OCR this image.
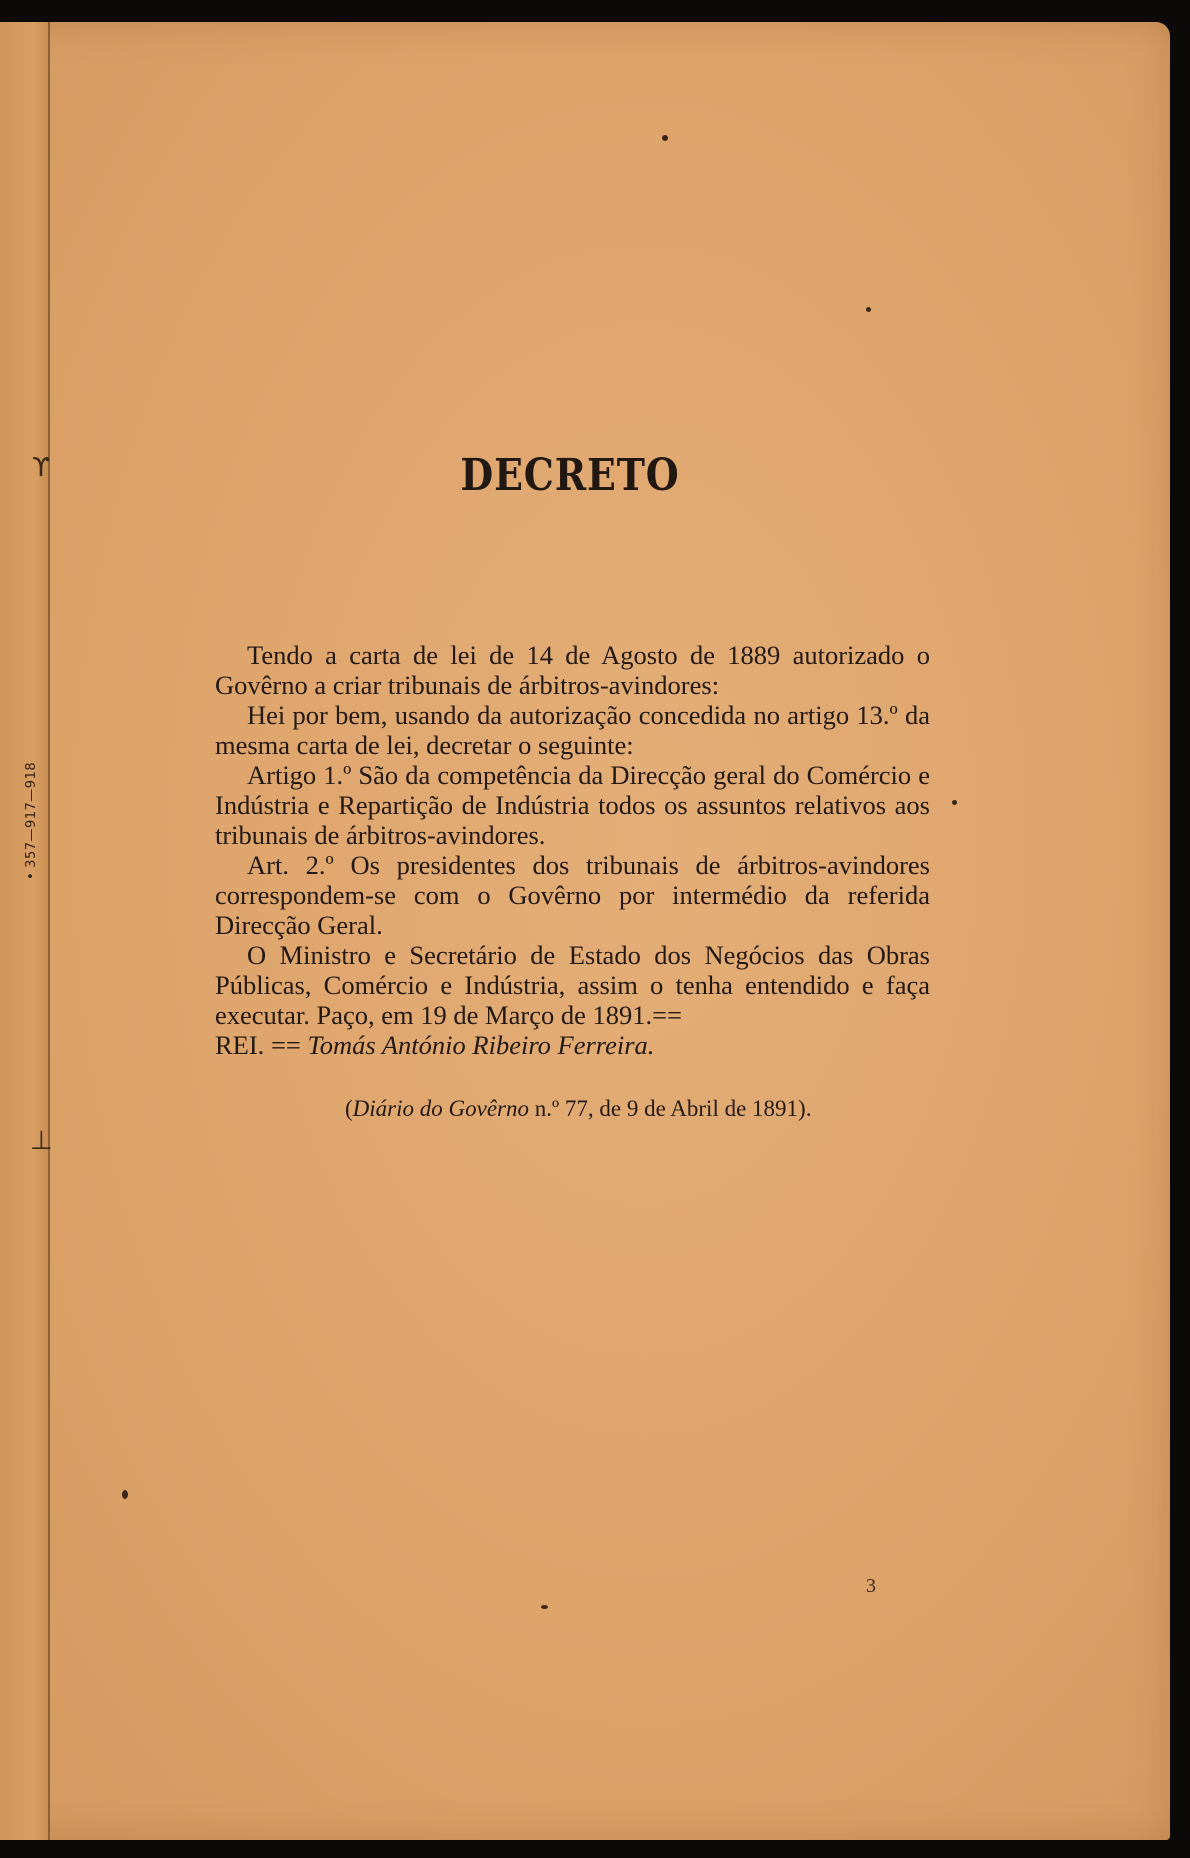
ϒ
⊥
• 357—917—918
DECRETO

Tendo a carta de lei de 14 de Agosto de 1889 autorizado o Govêrno a criar tribunais de árbitros-avindores:

Hei por bem, usando da autorização concedida no artigo 13.º da mesma carta de lei, decretar o seguinte:

Artigo 1.º São da competência da Direcção geral do Comércio e Indústria e Repartição de Indústria todos os assuntos relativos aos tribunais de árbitros-avindores.

Art. 2.º Os presidentes dos tribunais de árbitros-avindores correspondem-se com o Govêrno por intermédio da referida Direcção Geral.

O Ministro e Secretário de Estado dos Negócios das Obras Públicas, Comércio e Indústria, assim o tenha entendido e faça executar. Paço, em 19 de Março de 1891.==

REI. == Tomás António Ribeiro Ferreira.

(Diário do Govêrno n.º 77, de 9 de Abril de 1891).
3
